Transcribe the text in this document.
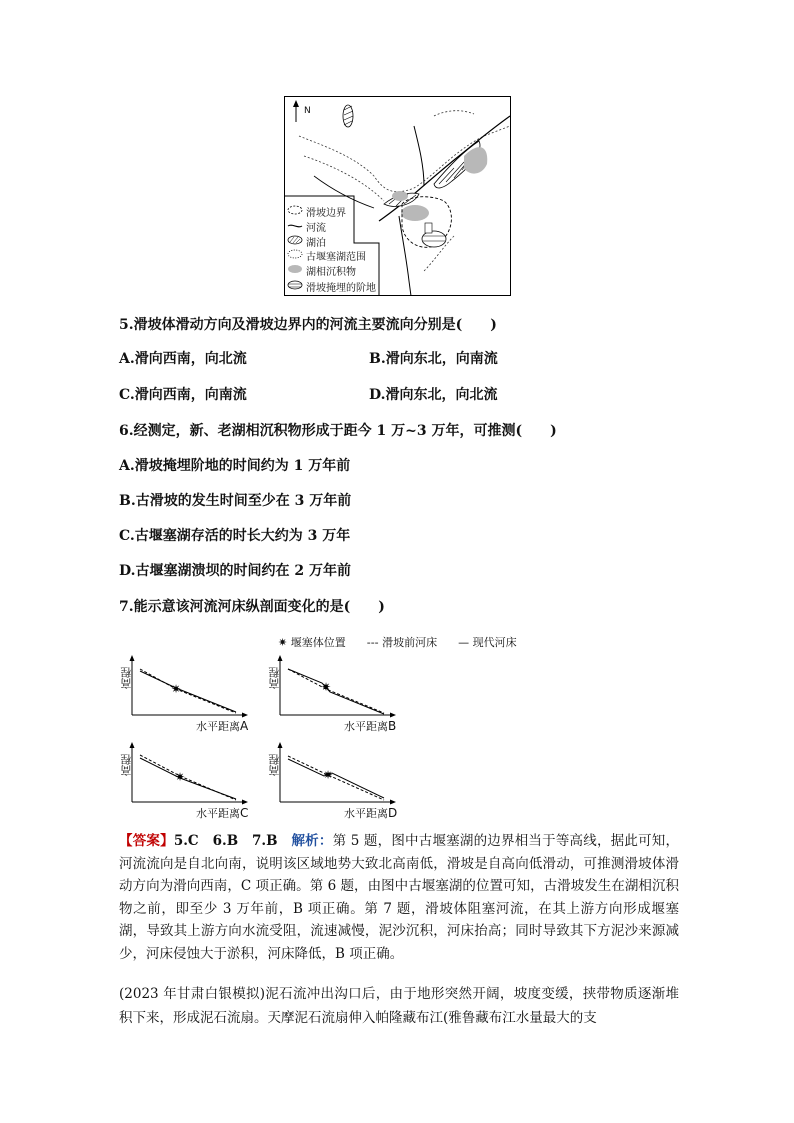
N
滑坡边界
河流
湖泊
古堰塞湖范围
湖相沉积物
滑坡掩埋的阶地
5.滑坡体滑动方向及滑坡边界内的河流主要流向分别是(　　)
A.滑向西南，向北流	B.滑向东北，向南流
C.滑向西南，向南流	D.滑向东北，向北流
6.经测定，新、老湖相沉积物形成于距今 1 万~3 万年，可推测(　　)
A.滑坡掩埋阶地的时间约为 1 万年前
B.古滑坡的发生时间至少在 3 万年前
C.古堰塞湖存活的时长大约为 3 万年
D.古堰塞湖溃坝的时间约在 2 万年前
7.能示意该河流河床纵剖面变化的是(　　)
✷ 堰塞体位置 --- 滑坡前河床 — 现代河床
✷
高程
水平距离A
✷
高程
水平距离B
✷
高程
水平距离C
✷
高程
水平距离D
【答案】5.C　6.B　7.B　 解析：第 5 题，图中古堰塞湖的边界相当于等高线，据此可知，河流流向是自北向南，说明该区域地势大致北高南低，滑坡是自高向低滑动，可推测滑坡体滑动方向为滑向西南，C 项正确。第 6 题，由图中古堰塞湖的位置可知，古滑坡发生在湖相沉积物之前，即至少 3 万年前，B 项正确。第 7 题，滑坡体阻塞河流，在其上游方向形成堰塞湖，导致其上游方向水流受阻，流速减慢，泥沙沉积，河床抬高；同时导致其下方泥沙来源减少，河床侵蚀大于淤积，河床降低，B 项正确。
(2023 年甘肃白银模拟)泥石流冲出沟口后，由于地形突然开阔，坡度变缓，挟带物质逐渐堆积下来，形成泥石流扇。天摩泥石流扇伸入帕隆藏布江(雅鲁藏布江水量最大的支
